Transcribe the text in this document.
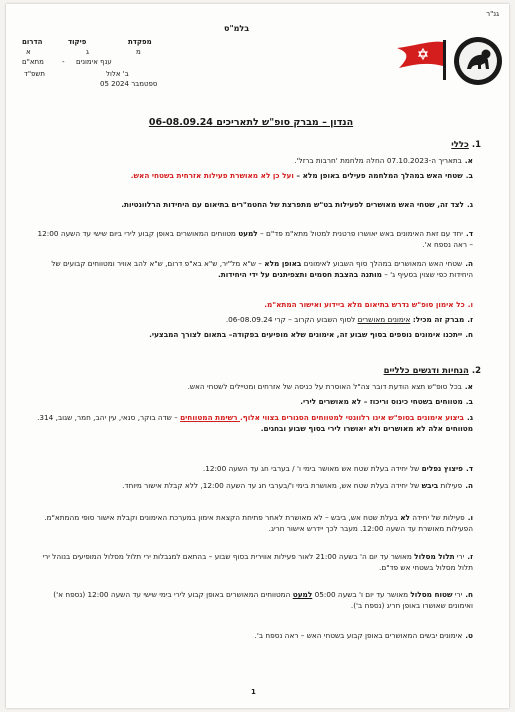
גנ"ר
בלמ"ס
הדרום	פיקוד	מפקדת
א	ג	מ
מתא"ם	- ענף אימונים
תשפ"ד	ב' אלול
05 ספטמבר 2024
הנדון – מברק סופ"ש לתאריכים 06-08.09.24
1. כללי
א.בתאריך ה-07.10.2023 החלה מלחמת 'חרבות ברזל'.
ב.שטחי האש במהלך המלחמה פעילים באופן מלא – ועל כן לא מאושרת פעילות אזרחית בשטחי האש.
ג.לצד זה, שטחי האש מאושרים לפעילות בט"ש מתפרצת של החטמ"רים בתיאום עם היחידות הרלוונטיות.
ד.יחד עם זאת האימונים באש יאושרו פרטנית למטול מתא"מ פד"ם – למעט מטווחים המאושרים באופן קבוע לירי ביום שישי עד השעה 12:00 – ראה נספח א'.
ה.שטחי האש המאושרים במהלך סוף השבוע לאימונים באופן מלא – ש"א מל"יר, ש"א בא"פ דרום, ש"א להב אוויר ומטווחים קבועים של היחידות כפי שצוין בסעיף ג' – מותנה בהצבת חסמים ותצפיתנים על ידי היחידות.
ו.כל אימון סופ"ש נדרש בתיאום מלא ביידוע ואישור המתא"מ.
ז.מברק זה מכיל: אימונים מאושרים לסוף השבוע הקרוב – קרי 06-08.09.24.
ח.ייתכנו אימונים נוספים בסוף שבוע זה, אימונים שלא מופיעים בפקודה– בתאום לצורך המבצעי.
2. הנחיות ודגשים כלליים
א.בכל סופ"ש תצא הודעת דובר צה"ל האוסרת על כניסה של אזרחים ומטיילים לשטחי האש.
ב.מטווחים בשטחי כינוס וריכוז – לא מאושרים לירי.
ג.ביצוע אימונים בסופ"ש אינו רלוונטי למטווחים הסגורים בצווי אלוף. רשימת המטווחים – שדה בוקר, סנאי, עין יהב, חמר, שגוב, 314. מטווחים אלה לא מאושרים ולא יאושרו לירי בסוף שבוע ובחגים.
ד.פיצוץ נפלים של יחידה בעלת שטח אש מאושר בימי ו' / בערבי חג עד השעה 12:00.
ה.פעילות ביבש של יחידה בעלת שטח אש, מאושרת בימי ו'/בערבי חג עד השעה 12:00, ללא קבלת אישור מיוחד.
ו.פעילות של יחידה לא בעלת שטח אש, ביבש – לא מאושרת לאחר פתיחת הקצאת אימון במערכת האימונים וקבלת אישור סופי מהמתא"מ. הפעילות מאושרת עד השעה 12:00. מעבר לכך יידרש אישור חריג.
ז.ירי תלול מסלול מאושר עד יום ה' בשעה 21:00 לאור פעילות אווירית בסוף שבוע – בהתאם למגבלות ירי תלול מסלול המופיעים בנוהל ירי תלול מסלול בשטחי אש פד"ם.
ח.ירי שטוח מסלול מאושר עד יום ו' בשעה 05:00 למעט המטווחים המאושרים באופן קבוע לירי בימי שישי עד השעה 12:00 (נספח א') ואימונים שאושרו באופן חריג (נספח ב').
ט.אימונים יבשים המאושרים באופן קבוע בשטחי האש – ראה נספח ב'.
1
